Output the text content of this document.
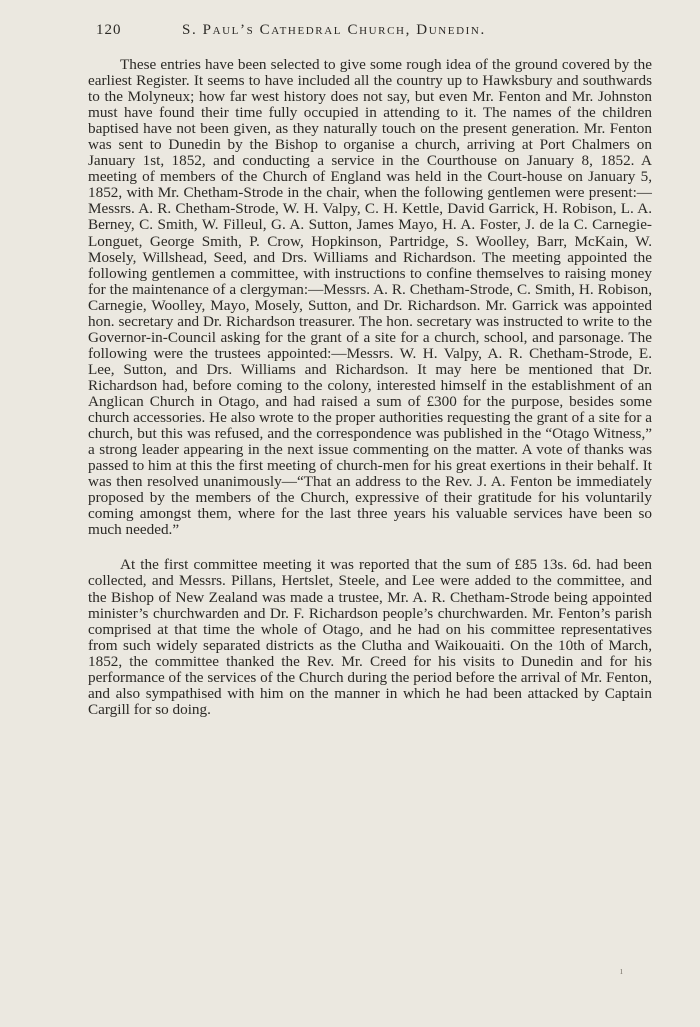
120	S. Paul’s Cathedral Church, Dunedin.

These entries have been selected to give some rough idea of the ground covered by the earliest Register. It seems to have included all the country up to Hawksbury and southwards to the Molyneux; how far west history does not say, but even Mr. Fenton and Mr. Johnston must have found their time fully occupied in attending to it. The names of the children baptised have not been given, as they naturally touch on the present generation. Mr. Fenton was sent to Dunedin by the Bishop to organise a church, arriving at Port Chalmers on January 1st, 1852, and conducting a service in the Courthouse on January 8, 1852. A meeting of members of the Church of England was held in the Court-house on January 5, 1852, with Mr. Chetham-Strode in the chair, when the following gentlemen were present:—Messrs. A. R. Chetham-Strode, W. H. Valpy, C. H. Kettle, David Garrick, H. Robison, L. A. Berney, C. Smith, W. Filleul, G. A. Sutton, James Mayo, H. A. Foster, J. de la C. Carnegie-Longuet, George Smith, P. Crow, Hopkinson, Partridge, S. Woolley, Barr, McKain, W. Mosely, Willshead, Seed, and Drs. Williams and Richardson. The meeting appointed the following gentlemen a committee, with instructions to confine themselves to raising money for the maintenance of a clergyman:—Messrs. A. R. Chetham-Strode, C. Smith, H. Robison, Carnegie, Woolley, Mayo, Mosely, Sutton, and Dr. Richardson. Mr. Garrick was appointed hon. secretary and Dr. Richardson treasurer. The hon. secretary was instructed to write to the Governor-in-Council asking for the grant of a site for a church, school, and parsonage. The following were the trustees appointed:—Messrs. W. H. Valpy, A. R. Chetham-Strode, E. Lee, Sutton, and Drs. Williams and Richardson. It may here be mentioned that Dr. Richardson had, before coming to the colony, interested himself in the establishment of an Anglican Church in Otago, and had raised a sum of £300 for the purpose, besides some church accessories. He also wrote to the proper authorities requesting the grant of a site for a church, but this was refused, and the correspondence was published in the “Otago Witness,” a strong leader appearing in the next issue commenting on the matter. A vote of thanks was passed to him at this the first meeting of church-men for his great exertions in their behalf. It was then resolved unanimously—“That an address to the Rev. J. A. Fenton be immediately proposed by the members of the Church, expressive of their gratitude for his voluntarily coming amongst them, where for the last three years his valuable services have been so much needed.”

At the first committee meeting it was reported that the sum of £85 13s. 6d. had been collected, and Messrs. Pillans, Hertslet, Steele, and Lee were added to the committee, and the Bishop of New Zealand was made a trustee, Mr. A. R. Chetham-Strode being appointed minister’s churchwarden and Dr. F. Richardson people’s churchwarden. Mr. Fenton’s parish comprised at that time the whole of Otago, and he had on his committee representatives from such widely separated districts as the Clutha and Waikouaiti. On the 10th of March, 1852, the committee thanked the Rev. Mr. Creed for his visits to Dunedin and for his performance of the services of the Church during the period before the arrival of Mr. Fenton, and also sympathised with him on the manner in which he had been attacked by Captain Cargill for so doing.

ı
